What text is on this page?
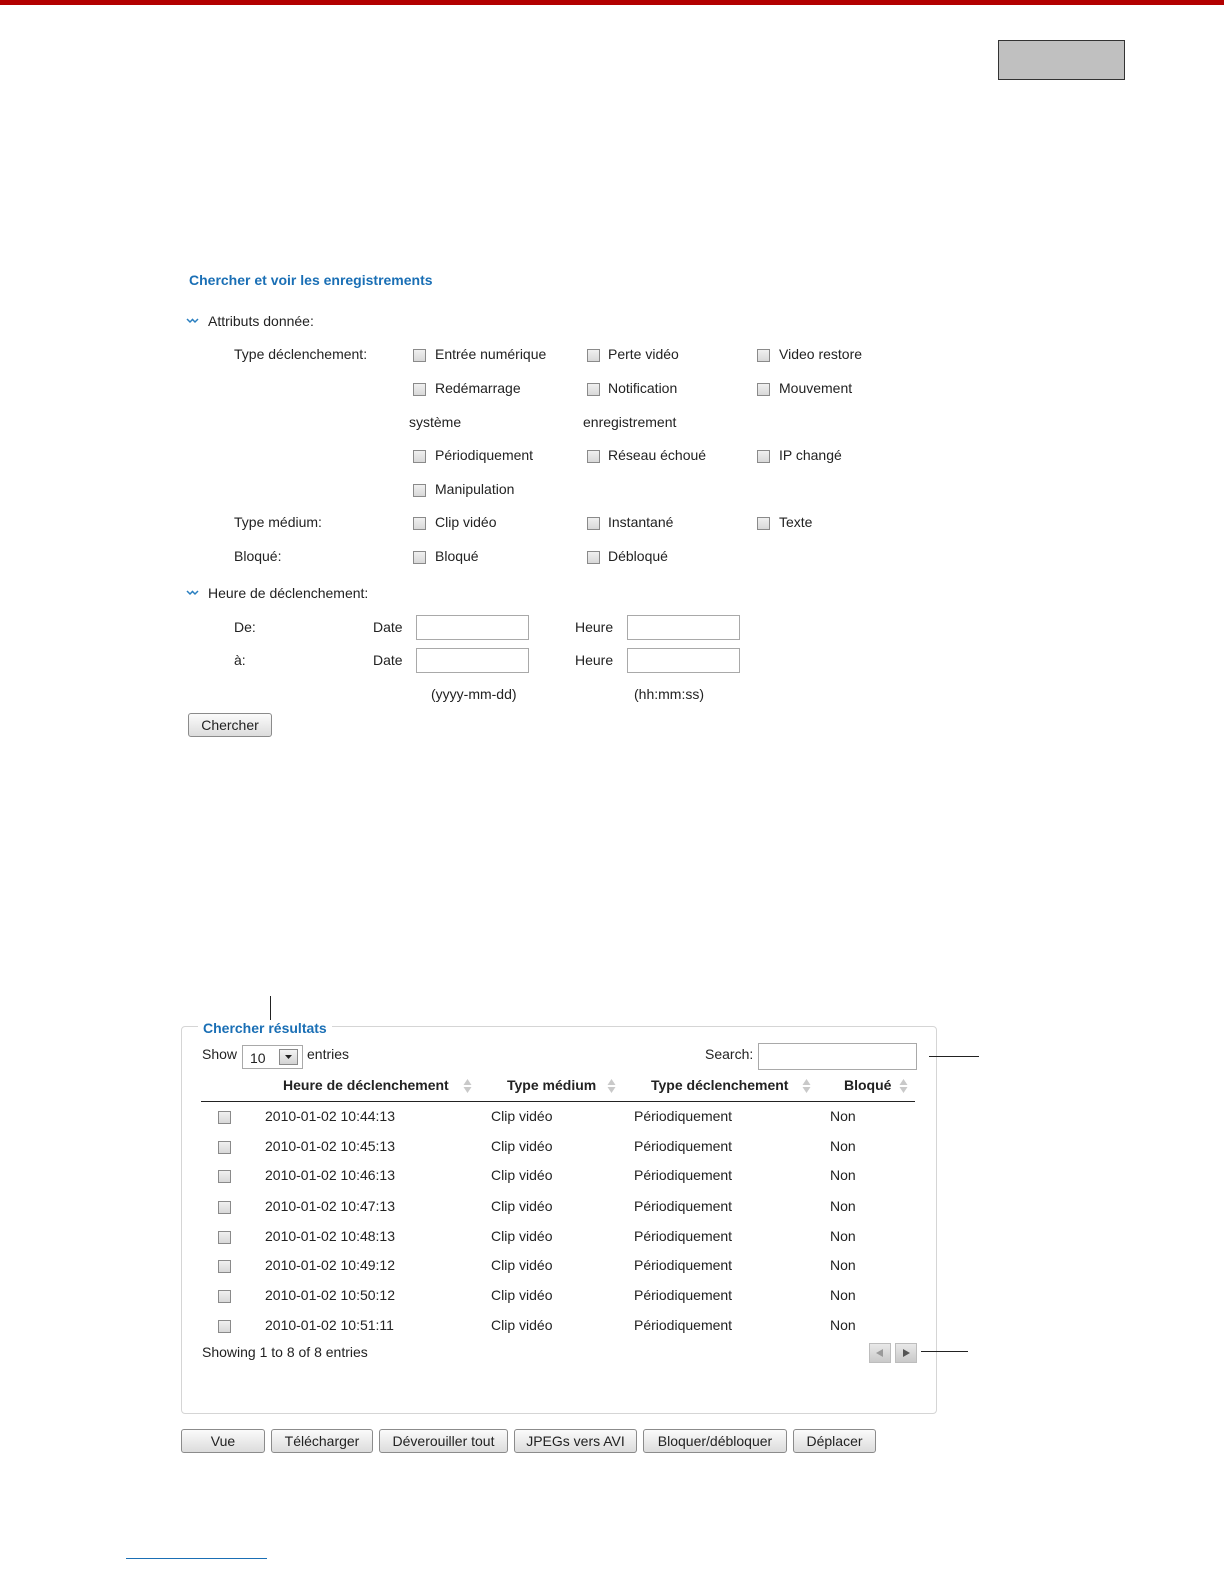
Chercher et voir les enregistrements
Attributs donnée:
Type déclenchement:	Entrée numérique	Perte vidéo	Video restore
Redémarrage	Notification	Mouvement
système	enregistrement
Périodiquement	Réseau échoué	IP changé
Manipulation
Type médium:	Clip vidéo	Instantané	Texte
Bloqué:	Bloqué	Débloqué
Heure de déclenchement:
De:	Date	Heure
à:	Date	Heure
(yyyy-mm-dd)	(hh:mm:ss)
Chercher
Chercher résultats
Show 10	entries	Search:
Heure de déclenchement	Type médium	Type déclenchement	Bloqué
2010-01-02 10:44:13	Clip vidéo	Périodiquement	Non
2010-01-02 10:45:13	Clip vidéo	Périodiquement	Non
2010-01-02 10:46:13	Clip vidéo	Périodiquement	Non
2010-01-02 10:47:13	Clip vidéo	Périodiquement	Non
2010-01-02 10:48:13	Clip vidéo	Périodiquement	Non
2010-01-02 10:49:12	Clip vidéo	Périodiquement	Non
2010-01-02 10:50:12	Clip vidéo	Périodiquement	Non
2010-01-02 10:51:11	Clip vidéo	Périodiquement	Non
Showing 1 to 8 of 8 entries
Vue	Télécharger	Déverouiller tout	JPEGs vers AVI	Bloquer/débloquer	Déplacer
